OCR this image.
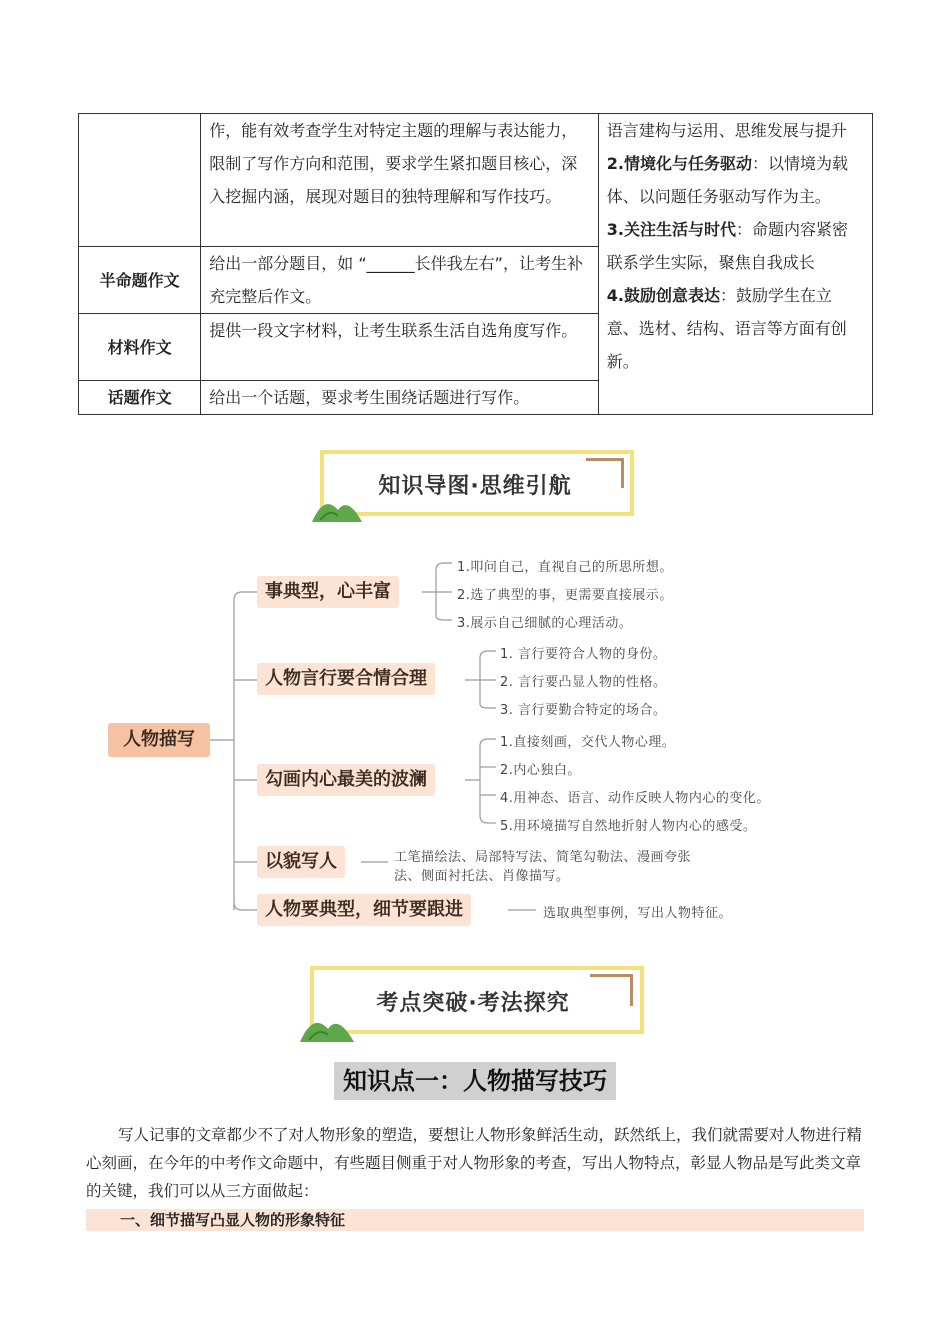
	作，能有效考查学生对特定主题的理解与表达能力，限制了写作方向和范围，要求学生紧扣题目核心，深入挖掘内涵，展现对题目的独特理解和写作技巧。	语言建构与运用、思维发展与提升
2.情境化与任务驱动：以情境为载体、以问题任务驱动写作为主。
3.关注生活与时代：命题内容紧密联系学生实际，聚焦自我成长
4.鼓励创意表达：鼓励学生在立意、选材、结构、语言等方面有创新。

半命题作文	给出一部分题目，如 “______长伴我左右”，让考生补充完整后作文。	
材料作文	提供一段文字材料，让考生联系生活自选角度写作。	
话题作文	给出一个话题，要求考生围绕话题进行写作。	
知识导图·思维引航
人物描写
事典型，心丰富
1.叩问自己，直视自己的所思所想。
2.选了典型的事，更需要直接展示。
3.展示自己细腻的心理活动。
人物言行要合情合理
1. 言行要符合人物的身份。
2. 言行要凸显人物的性格。
3. 言行要勤合特定的场合。
勾画内心最美的波澜
1.直接刻画，交代人物心理。
2.内心独白。
4.用神态、语言、动作反映人物内心的变化。
5.用环境描写自然地折射人物内心的感受。
以貌写人	工笔描绘法、局部特写法、简笔勾勒法、漫画夸张
法、侧面衬托法、肖像描写。
人物要典型，细节要跟进	选取典型事例，写出人物特征。
考点突破·考法探究
知识点一：人物描写技巧
写人记事的文章都少不了对人物形象的塑造，要想让人物形象鲜活生动，跃然纸上，我们就需要对人物进行精心刻画，在今年的中考作文命题中，有些题目侧重于对人物形象的考查，写出人物特点，彰显人物品是写此类文章的关键，我们可以从三方面做起：
一、细节描写凸显人物的形象特征
